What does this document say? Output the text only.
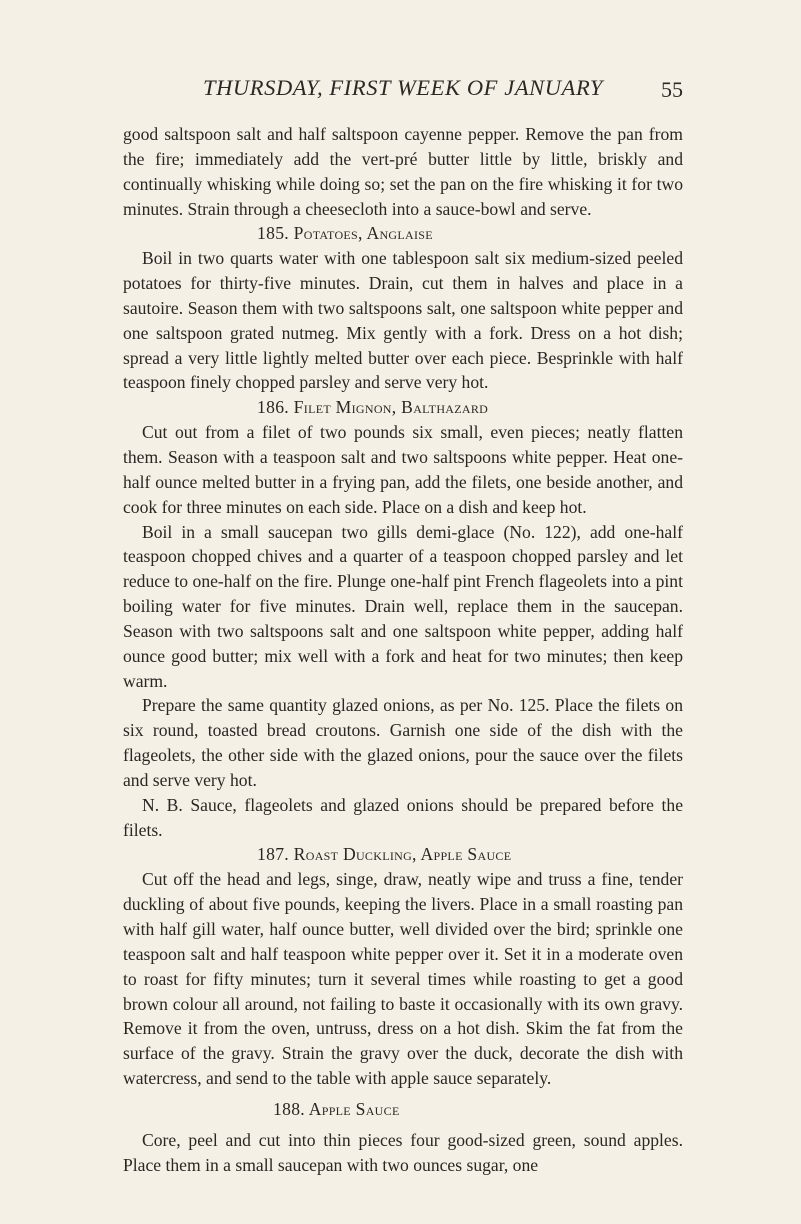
THURSDAY, FIRST WEEK OF JANUARY	55

good saltspoon salt and half saltspoon cayenne pepper. Remove the pan from the fire; immediately add the vert-pré butter little by little, briskly and continually whisking while doing so; set the pan on the fire whisking it for two minutes. Strain through a cheesecloth into a sauce-bowl and serve.

185. Potatoes, Anglaise

Boil in two quarts water with one tablespoon salt six medium-sized peeled potatoes for thirty-five minutes. Drain, cut them in halves and place in a sautoire. Season them with two saltspoons salt, one saltspoon white pepper and one saltspoon grated nutmeg. Mix gently with a fork. Dress on a hot dish; spread a very little lightly melted butter over each piece. Besprinkle with half teaspoon finely chopped parsley and serve very hot.

186. Filet Mignon, Balthazard

Cut out from a filet of two pounds six small, even pieces; neatly flatten them. Season with a teaspoon salt and two saltspoons white pepper. Heat one-half ounce melted butter in a frying pan, add the filets, one beside another, and cook for three minutes on each side. Place on a dish and keep hot.

Boil in a small saucepan two gills demi-glace (No. 122), add one-half teaspoon chopped chives and a quarter of a teaspoon chopped parsley and let reduce to one-half on the fire. Plunge one-half pint French flageolets into a pint boiling water for five minutes. Drain well, replace them in the saucepan. Season with two saltspoons salt and one saltspoon white pepper, adding half ounce good butter; mix well with a fork and heat for two minutes; then keep warm.

Prepare the same quantity glazed onions, as per No. 125. Place the filets on six round, toasted bread croutons. Garnish one side of the dish with the flageolets, the other side with the glazed onions, pour the sauce over the filets and serve very hot.

N. B. Sauce, flageolets and glazed onions should be prepared before the filets.

187. Roast Duckling, Apple Sauce

Cut off the head and legs, singe, draw, neatly wipe and truss a fine, tender duckling of about five pounds, keeping the livers. Place in a small roasting pan with half gill water, half ounce butter, well divided over the bird; sprinkle one teaspoon salt and half teaspoon white pepper over it. Set it in a moderate oven to roast for fifty minutes; turn it several times while roasting to get a good brown colour all around, not failing to baste it occasionally with its own gravy. Remove it from the oven, untruss, dress on a hot dish. Skim the fat from the surface of the gravy. Strain the gravy over the duck, decorate the dish with watercress, and send to the table with apple sauce separately.

188. Apple Sauce

Core, peel and cut into thin pieces four good-sized green, sound apples. Place them in a small saucepan with two ounces sugar, one
